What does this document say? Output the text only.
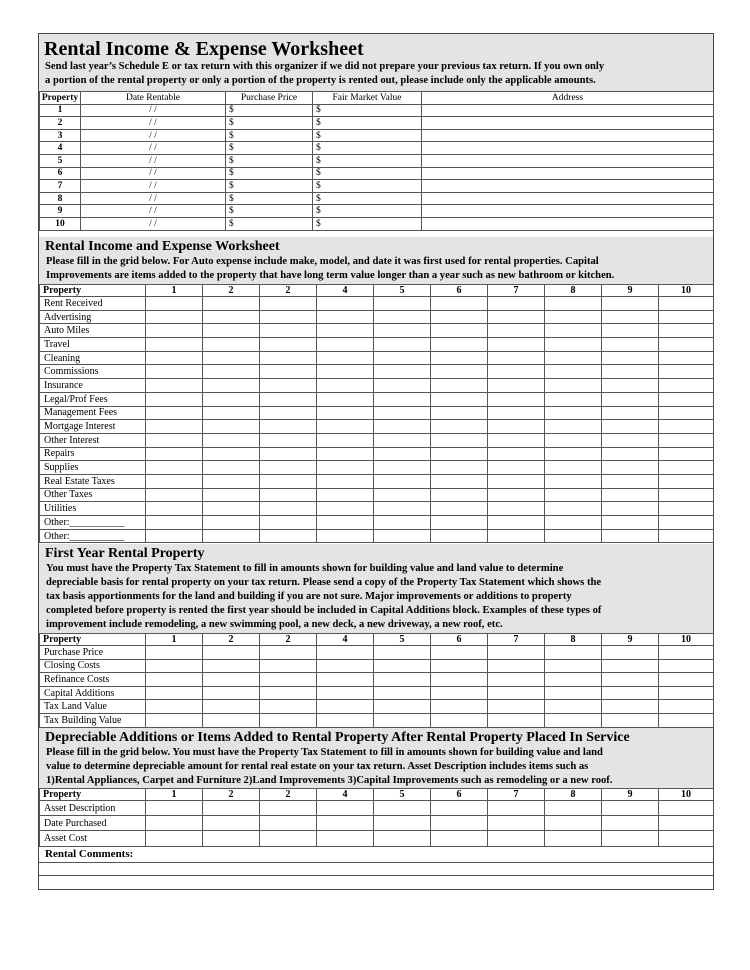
Rental Income & Expense Worksheet
Send last year’s Schedule E or tax return with this organizer if we did not prepare your previous tax return. If you own only
a portion of the rental property or only a portion of the property is rented out, please include only the applicable amounts.
Property	Date Rentable	Purchase Price	Fair Market Value	Address
1	/ /	$	$	
2	/ /	$	$	
3	/ /	$	$	
4	/ /	$	$	
5	/ /	$	$	
6	/ /	$	$	
7	/ /	$	$	
8	/ /	$	$	
9	/ /	$	$	
10	/ /	$	$	
Rental Income and Expense Worksheet
Please fill in the grid below. For Auto expense include make, model, and date it was first used for rental properties. Capital
Improvements are items added to the property that have long term value longer than a year such as new bathroom or kitchen.
Property	1	2	2	4	5	6	7	8	9	10
Rent Received										
Advertising										
Auto Miles										
Travel										
Cleaning										
Commissions										
Insurance										
Legal/Prof Fees										
Management Fees										
Mortgage Interest										
Other Interest										
Repairs										
Supplies										
Real Estate Taxes										
Other Taxes										
Utilities										
Other:___________										
Other:___________										
First Year Rental Property
You must have the Property Tax Statement to fill in amounts shown for building value and land value to determine
depreciable basis for rental property on your tax return. Please send a copy of the Property Tax Statement which shows the
tax basis apportionments for the land and building if you are not sure. Major improvements or additions to property
completed before property is rented the first year should be included in Capital Additions block. Examples of these types of
improvement include remodeling, a new swimming pool, a new deck, a new driveway, a new roof, etc.
Property	1	2	2	4	5	6	7	8	9	10
Purchase Price										
Closing Costs										
Refinance Costs										
Capital Additions										
Tax Land Value										
Tax Building Value										
Depreciable Additions or Items Added to Rental Property After Rental Property Placed In Service
Please fill in the grid below. You must have the Property Tax Statement to fill in amounts shown for building value and land
value to determine depreciable amount for rental real estate on your tax return. Asset Description includes items such as
1)Rental Appliances, Carpet and Furniture 2)Land Improvements 3)Capital Improvements such as remodeling or a new roof.
Property	1	2	2	4	5	6	7	8	9	10
Asset Description										
Date Purchased										
Asset Cost										
Rental Comments:
